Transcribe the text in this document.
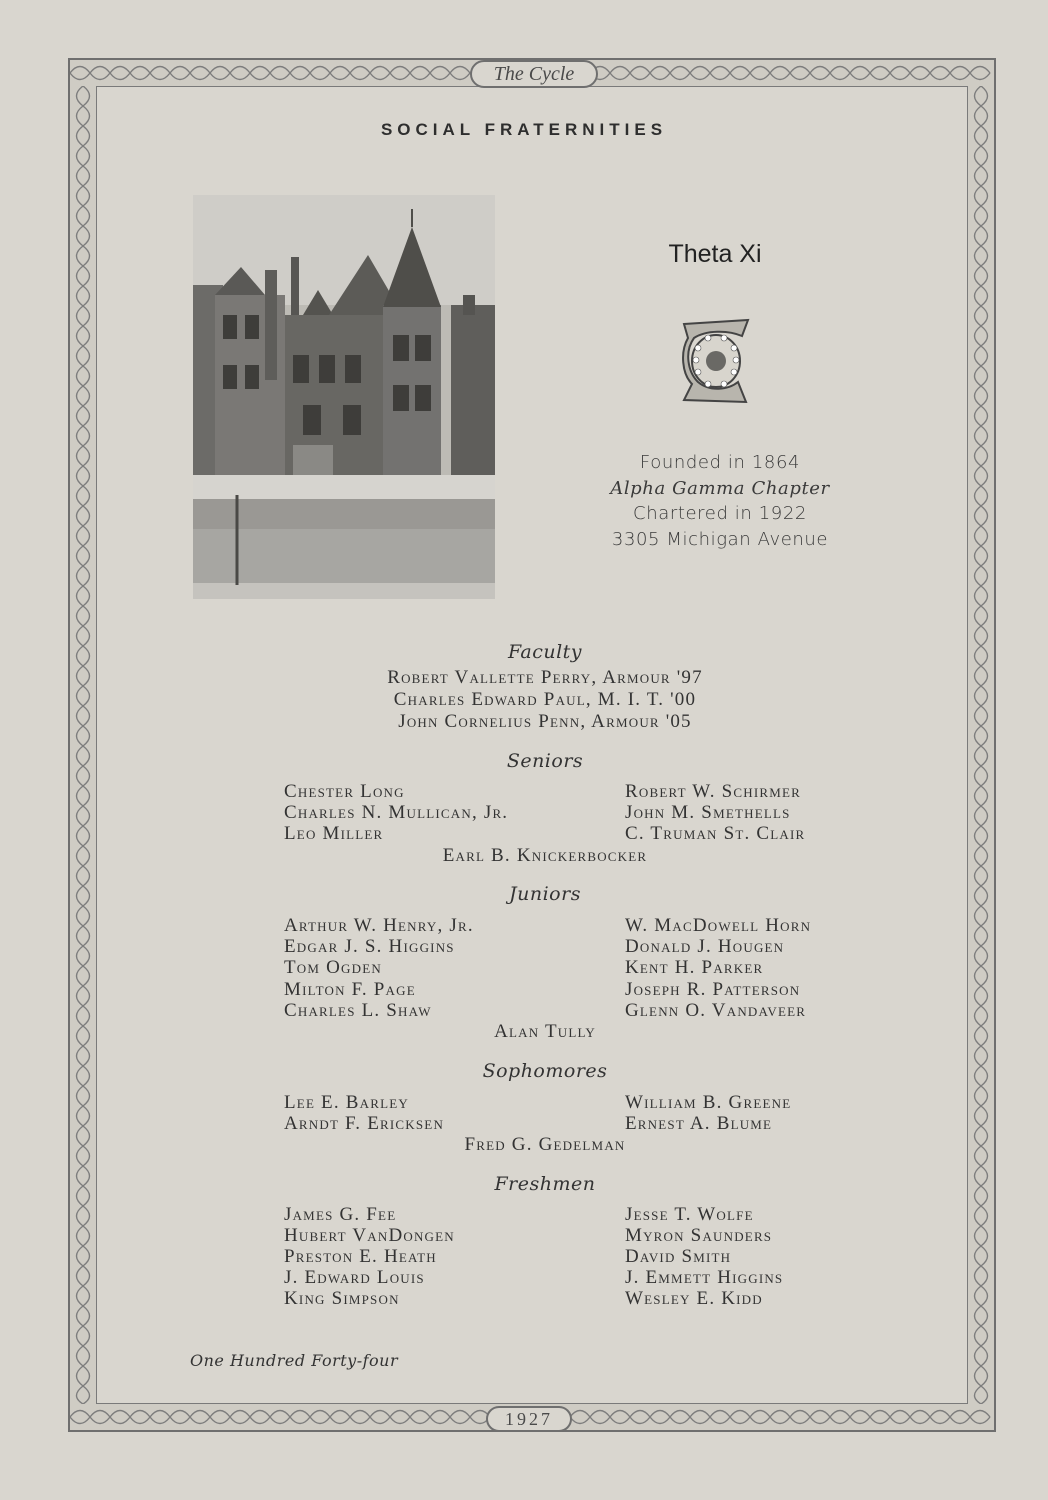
The Cycle
1927
SOCIAL FRATERNITIES
Theta Xi
Founded in 1864
Alpha Gamma Chapter
Chartered in 1922
3305 Michigan Avenue
Faculty
Robert Vallette Perry, Armour '97
Charles Edward Paul, M. I. T. '00
John Cornelius Penn, Armour '05
Seniors
Chester Long
Charles N. Mullican, Jr.
Leo Miller
Robert W. Schirmer
John M. Smethells
C. Truman St. Clair
Earl B. Knickerbocker
Juniors
Arthur W. Henry, Jr.
Edgar J. S. Higgins
Tom Ogden
Milton F. Page
Charles L. Shaw
W. MacDowell Horn
Donald J. Hougen
Kent H. Parker
Joseph R. Patterson
Glenn O. Vandaveer
Alan Tully
Sophomores
Lee E. Barley
Arndt F. Ericksen
William B. Greene
Ernest A. Blume
Fred G. Gedelman
Freshmen
James G. Fee
Hubert VanDongen
Preston E. Heath
J. Edward Louis
King Simpson
Jesse T. Wolfe
Myron Saunders
David Smith
J. Emmett Higgins
Wesley E. Kidd
One Hundred Forty-four
